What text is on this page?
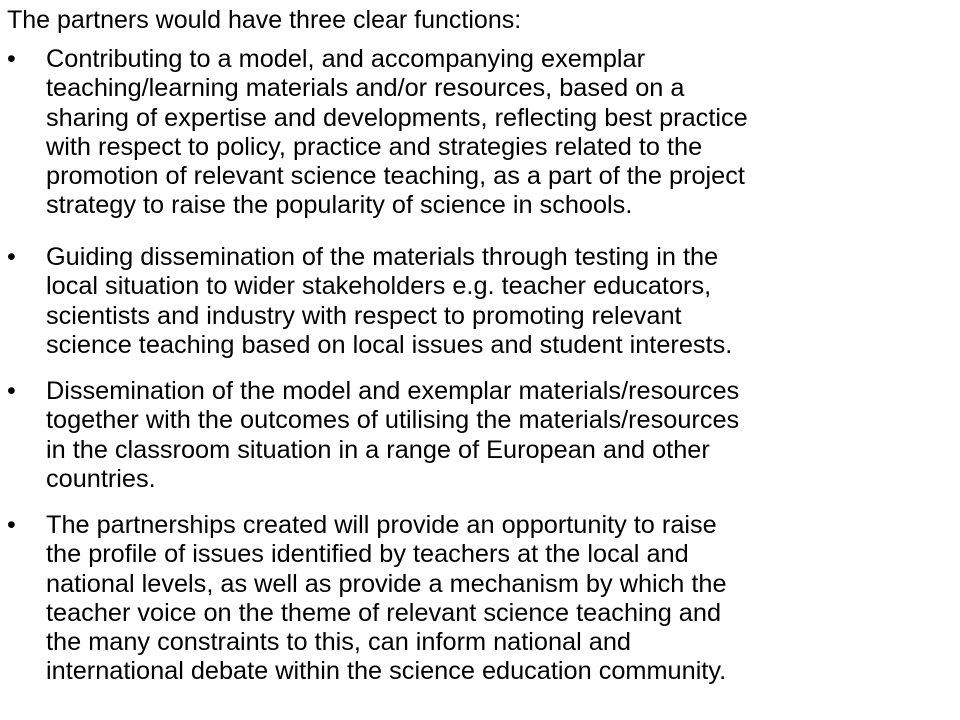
The partners would have three clear functions:

• Contributing to a model, and accompanying exemplar
teaching/learning materials and/or resources, based on a
sharing of expertise and developments, reflecting best practice
with respect to policy, practice and strategies related to the
promotion of relevant science teaching, as a part of the project
strategy to raise the popularity of science in schools.
• Guiding dissemination of the materials through testing in the
local situation to wider stakeholders e.g. teacher educators,
scientists and industry with respect to promoting relevant
science teaching based on local issues and student interests.
• Dissemination of the model and exemplar materials/resources
together with the outcomes of utilising the materials/resources
in the classroom situation in a range of European and other
countries.
• The partnerships created will provide an opportunity to raise
the profile of issues identified by teachers at the local and
national levels, as well as provide a mechanism by which the
teacher voice on the theme of relevant science teaching and
the many constraints to this, can inform national and
international debate within the science education community.
